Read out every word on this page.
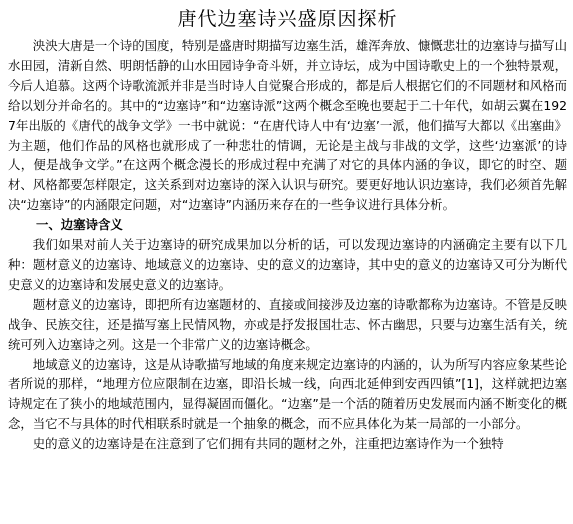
唐代边塞诗兴盛原因探析

泱泱大唐是一个诗的国度，特别是盛唐时期描写边塞生活，雄浑奔放、慷慨悲壮的边塞诗与描写山水田园，清新自然、明朗恬静的山水田园诗争奇斗妍，并立诗坛，成为中国诗歌史上的一个独特景观，今后人追慕。这两个诗歌流派并非是当时诗人自觉聚合形成的，都是后人根据它们的不同题材和风格而给以划分并命名的。其中的“边塞诗”和“边塞诗派”这两个概念至晚也要起于二十年代，如胡云翼在1927年出版的《唐代的战争文学》一书中就说：“在唐代诗人中有‘边塞’一派，他们描写大都以《出塞曲》为主题，他们作品的风格也就形成了一种悲壮的情调，无论是主战与非战的文学，这些‘边塞派’的诗人，便是战争文学。”在这两个概念漫长的形成过程中充满了对它的具体内涵的争议，即它的时空、题材、风格都要怎样限定，这关系到对边塞诗的深入认识与研究。要更好地认识边塞诗，我们必须首先解决“边塞诗”的内涵限定问题，对“边塞诗”内涵历来存在的一些争议进行具体分析。

一、边塞诗含义

我们如果对前人关于边塞诗的研究成果加以分析的话，可以发现边塞诗的内涵确定主要有以下几种：题材意义的边塞诗、地域意义的边塞诗、史的意义的边塞诗，其中史的意义的边塞诗又可分为断代史意义的边塞诗和发展史意义的边塞诗。

题材意义的边塞诗，即把所有边塞题材的、直接或间接涉及边塞的诗歌都称为边塞诗。不管是反映战争、民族交往，还是描写塞上民情风物，亦或是抒发报国壮志、怀古幽思，只要与边塞生活有关，统统可列入边塞诗之列。这是一个非常广义的边塞诗概念。

地域意义的边塞诗，这是从诗歌描写地域的角度来规定边塞诗的内涵的，认为所写内容应象某些论者所说的那样，“地理方位应限制在边塞，即沿长城一线，向西北延伸到安西四镇”[1]，这样就把边塞诗规定在了狭小的地域范围内，显得凝固而僵化。“边塞”是一个活的随着历史发展而内涵不断变化的概念，当它不与具体的时代相联系时就是一个抽象的概念，而不应具体化为某一局部的一小部分。

史的意义的边塞诗是在注意到了它们拥有共同的题材之外，注重把边塞诗作为一个独特
